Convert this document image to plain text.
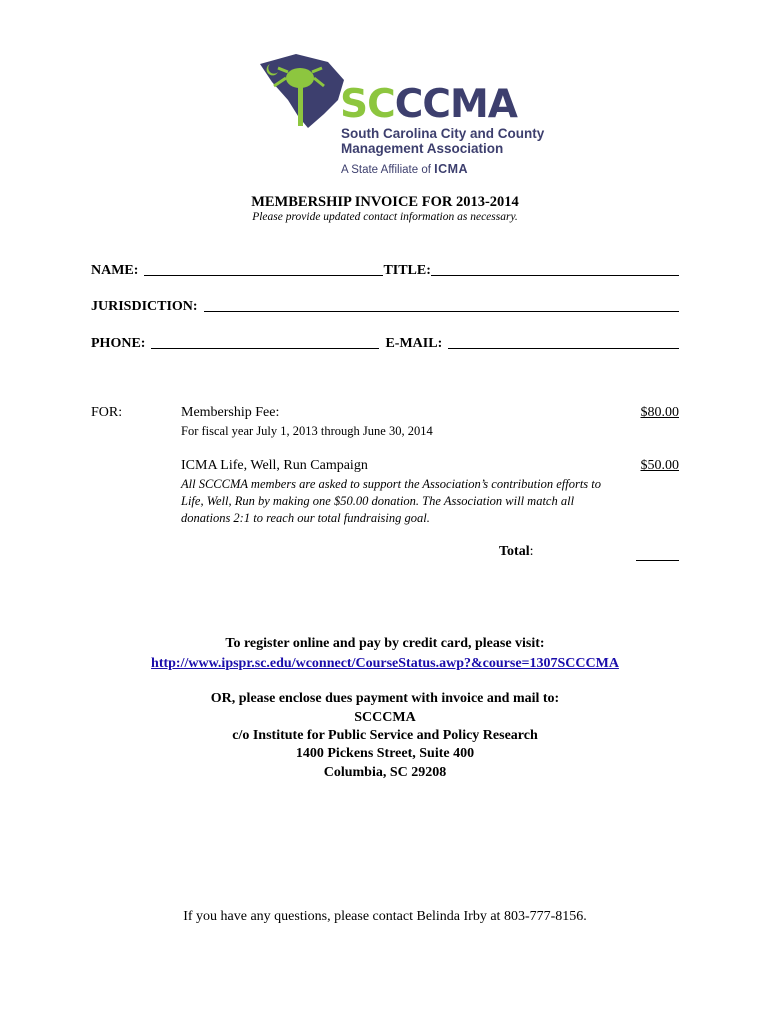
SCCCMA
South Carolina City and County
Management Association
A State Affiliate of ICMA
MEMBERSHIP INVOICE FOR 2013-2014
Please provide updated contact information as necessary.
NAME:	TITLE:
JURISDICTION:
PHONE:	E-MAIL:
FOR:	Membership Fee:	$80.00
For fiscal year July 1, 2013 through June 30, 2014
ICMA Life, Well, Run Campaign	$50.00
All SCCCMA members are asked to support the Association’s contribution efforts to
Life, Well, Run by making one $50.00 donation. The Association will match all
donations 2:1 to reach our total fundraising goal.
Total:
To register online and pay by credit card, please visit:
http://www.ipspr.sc.edu/wconnect/CourseStatus.awp?&course=1307SCCCMA
OR, please enclose dues payment with invoice and mail to:
SCCCMA
c/o Institute for Public Service and Policy Research
1400 Pickens Street, Suite 400
Columbia, SC 29208
If you have any questions, please contact Belinda Irby at 803-777-8156.
